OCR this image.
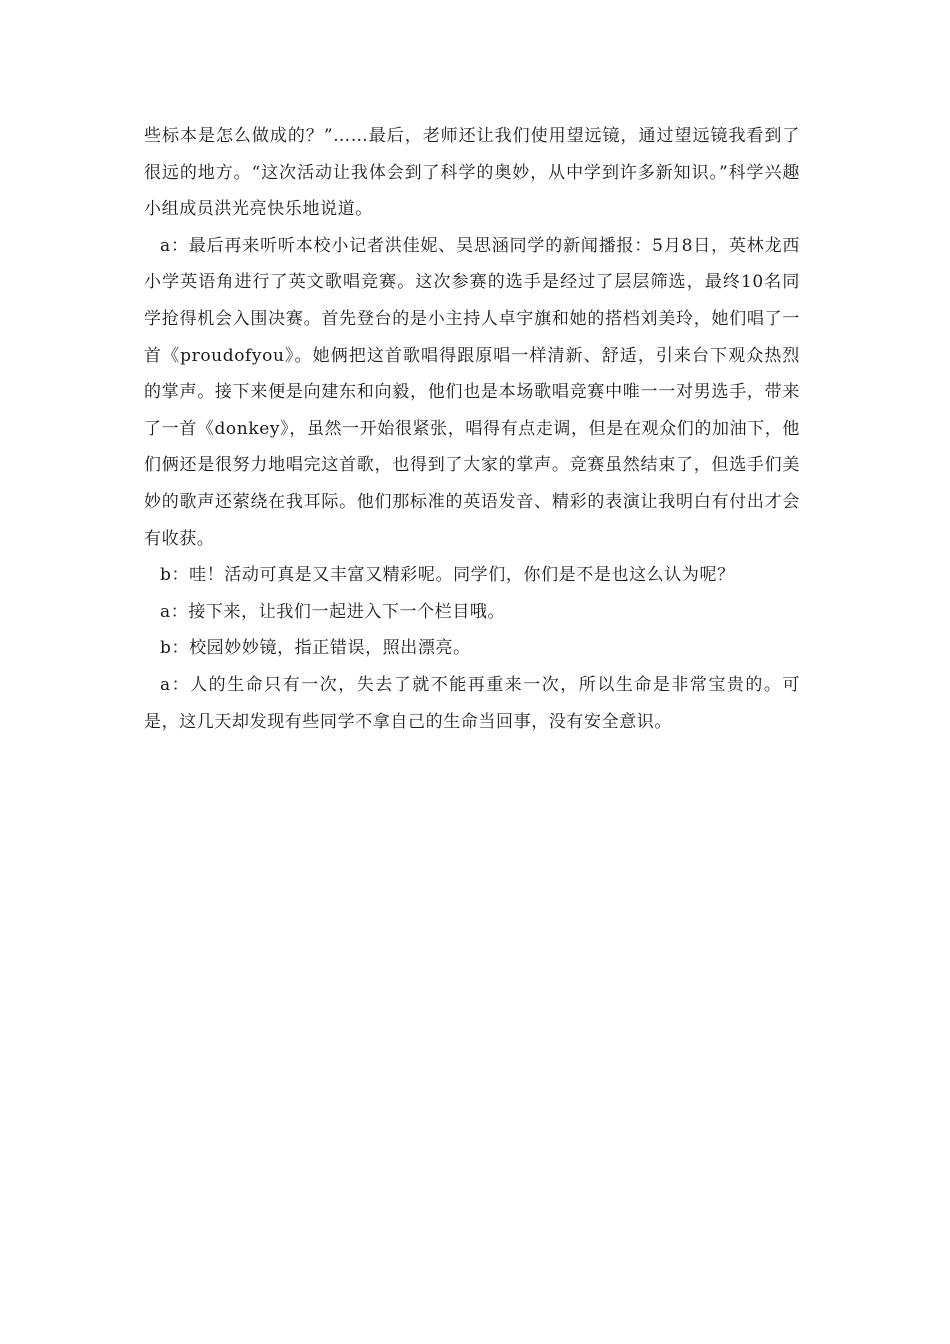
些标本是怎么做成的？”……最后，老师还让我们使用望远镜，通过望远镜我看到了很远的地方。“这次活动让我体会到了科学的奥妙，从中学到许多新知识。”科学兴趣小组成员洪光亮快乐地说道。

a：最后再来听听本校小记者洪佳妮、吴思涵同学的新闻播报：5月8日，英林龙西小学英语角进行了英文歌唱竞赛。这次参赛的选手是经过了层层筛选，最终10名同学抢得机会入围决赛。首先登台的是小主持人卓宇旗和她的搭档刘美玲，她们唱了一首《proudofyou》。她俩把这首歌唱得跟原唱一样清新、舒适，引来台下观众热烈的掌声。接下来便是向建东和向毅，他们也是本场歌唱竞赛中唯一一对男选手，带来了一首《donkey》，虽然一开始很紧张，唱得有点走调，但是在观众们的加油下，他们俩还是很努力地唱完这首歌，也得到了大家的掌声。竞赛虽然结束了，但选手们美妙的歌声还萦绕在我耳际。他们那标准的英语发音、精彩的表演让我明白有付出才会有收获。

b：哇！活动可真是又丰富又精彩呢。同学们，你们是不是也这么认为呢？

a：接下来，让我们一起进入下一个栏目哦。

b：校园妙妙镜，指正错误，照出漂亮。

a：人的生命只有一次，失去了就不能再重来一次，所以生命是非常宝贵的。可是，这几天却发现有些同学不拿自己的生命当回事，没有安全意识。
